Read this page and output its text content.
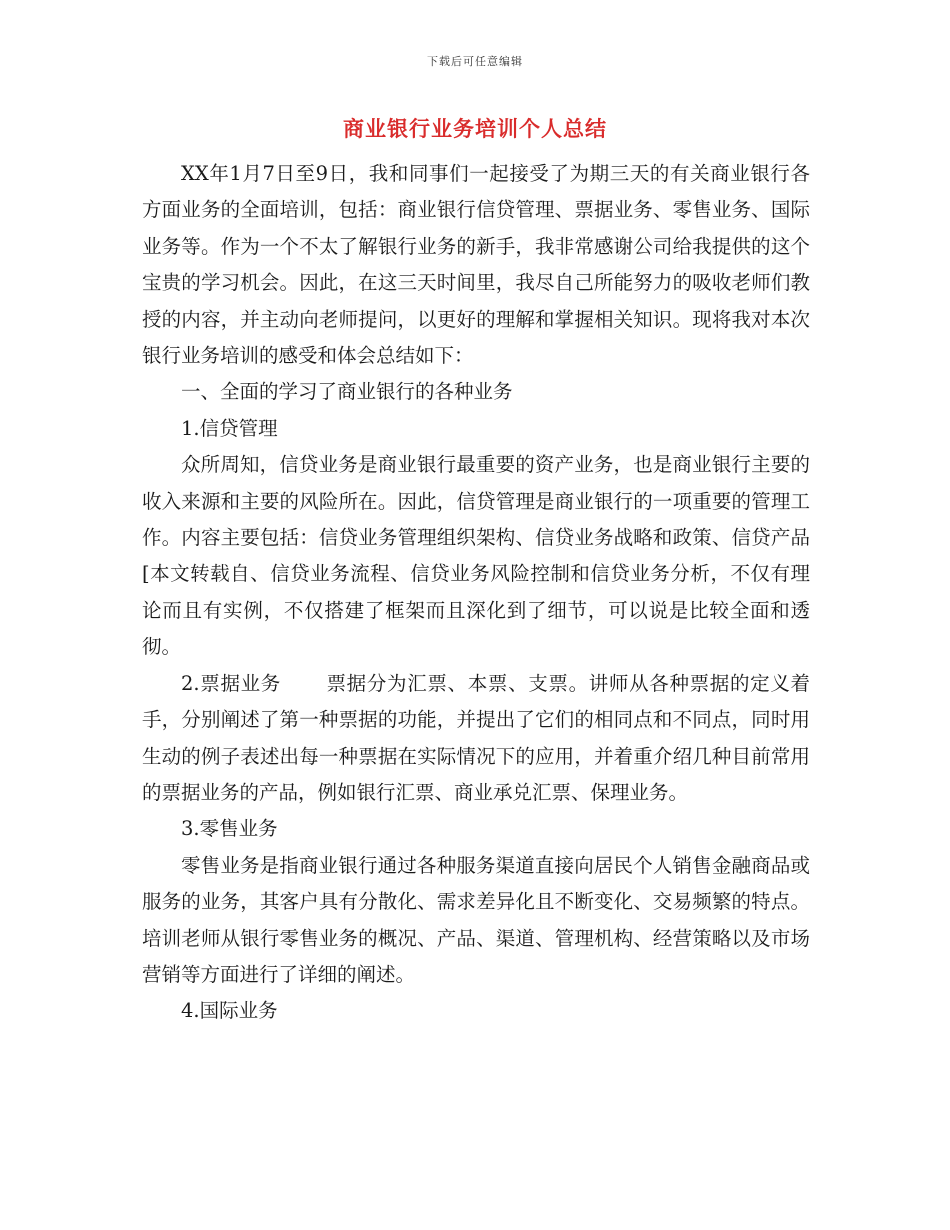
下载后可任意编辑
商业银行业务培训个人总结

XX年1月7日至9日，我和同事们一起接受了为期三天的有关商业银行各方面业务的全面培训，包括：商业银行信贷管理、票据业务、零售业务、国际业务等。作为一个不太了解银行业务的新手，我非常感谢公司给我提供的这个宝贵的学习机会。因此，在这三天时间里，我尽自己所能努力的吸收老师们教授的内容，并主动向老师提问，以更好的理解和掌握相关知识。现将我对本次银行业务培训的感受和体会总结如下：

一、全面的学习了商业银行的各种业务

1.信贷管理

众所周知，信贷业务是商业银行最重要的资产业务，也是商业银行主要的收入来源和主要的风险所在。因此，信贷管理是商业银行的一项重要的管理工作。内容主要包括：信贷业务管理组织架构、信贷业务战略和政策、信贷产品[本文转载自、信贷业务流程、信贷业务风险控制和信贷业务分析，不仅有理论而且有实例，不仅搭建了框架而且深化到了细节，可以说是比较全面和透彻。

2.票据业务 票据分为汇票、本票、支票。讲师从各种票据的定义着手，分别阐述了第一种票据的功能，并提出了它们的相同点和不同点，同时用生动的例子表述出每一种票据在实际情况下的应用，并着重介绍几种目前常用的票据业务的产品，例如银行汇票、商业承兑汇票、保理业务。

3.零售业务

零售业务是指商业银行通过各种服务渠道直接向居民个人销售金融商品或服务的业务，其客户具有分散化、需求差异化且不断变化、交易频繁的特点。培训老师从银行零售业务的概况、产品、渠道、管理机构、经营策略以及市场营销等方面进行了详细的阐述。

4.国际业务
